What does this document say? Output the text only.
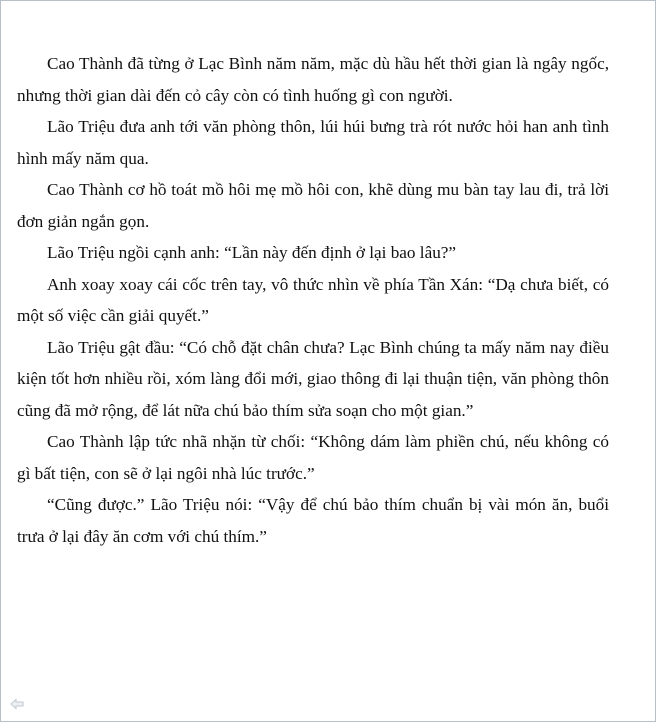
Cao Thành đã từng ở Lạc Bình năm năm, mặc dù hầu hết thời gian là ngây ngốc, nhưng thời gian dài đến cỏ cây còn có tình huống gì con người.

Lão Triệu đưa anh tới văn phòng thôn, lúi húi bưng trà rót nước hỏi han anh tình hình mấy năm qua.

Cao Thành cơ hồ toát mồ hôi mẹ mồ hôi con, khẽ dùng mu bàn tay lau đi, trả lời đơn giản ngắn gọn.

Lão Triệu ngồi cạnh anh: “Lần này đến định ở lại bao lâu?”

Anh xoay xoay cái cốc trên tay, vô thức nhìn về phía Tần Xán: “Dạ chưa biết, có một số việc cần giải quyết.”

Lão Triệu gật đầu: “Có chỗ đặt chân chưa? Lạc Bình chúng ta mấy năm nay điều kiện tốt hơn nhiều rồi, xóm làng đổi mới, giao thông đi lại thuận tiện, văn phòng thôn cũng đã mở rộng, để lát nữa chú bảo thím sửa soạn cho một gian.”

Cao Thành lập tức nhã nhặn từ chối: “Không dám làm phiền chú, nếu không có gì bất tiện, con sẽ ở lại ngôi nhà lúc trước.”

“Cũng được.” Lão Triệu nói: “Vậy để chú bảo thím chuẩn bị vài món ăn, buổi trưa ở lại đây ăn cơm với chú thím.”
